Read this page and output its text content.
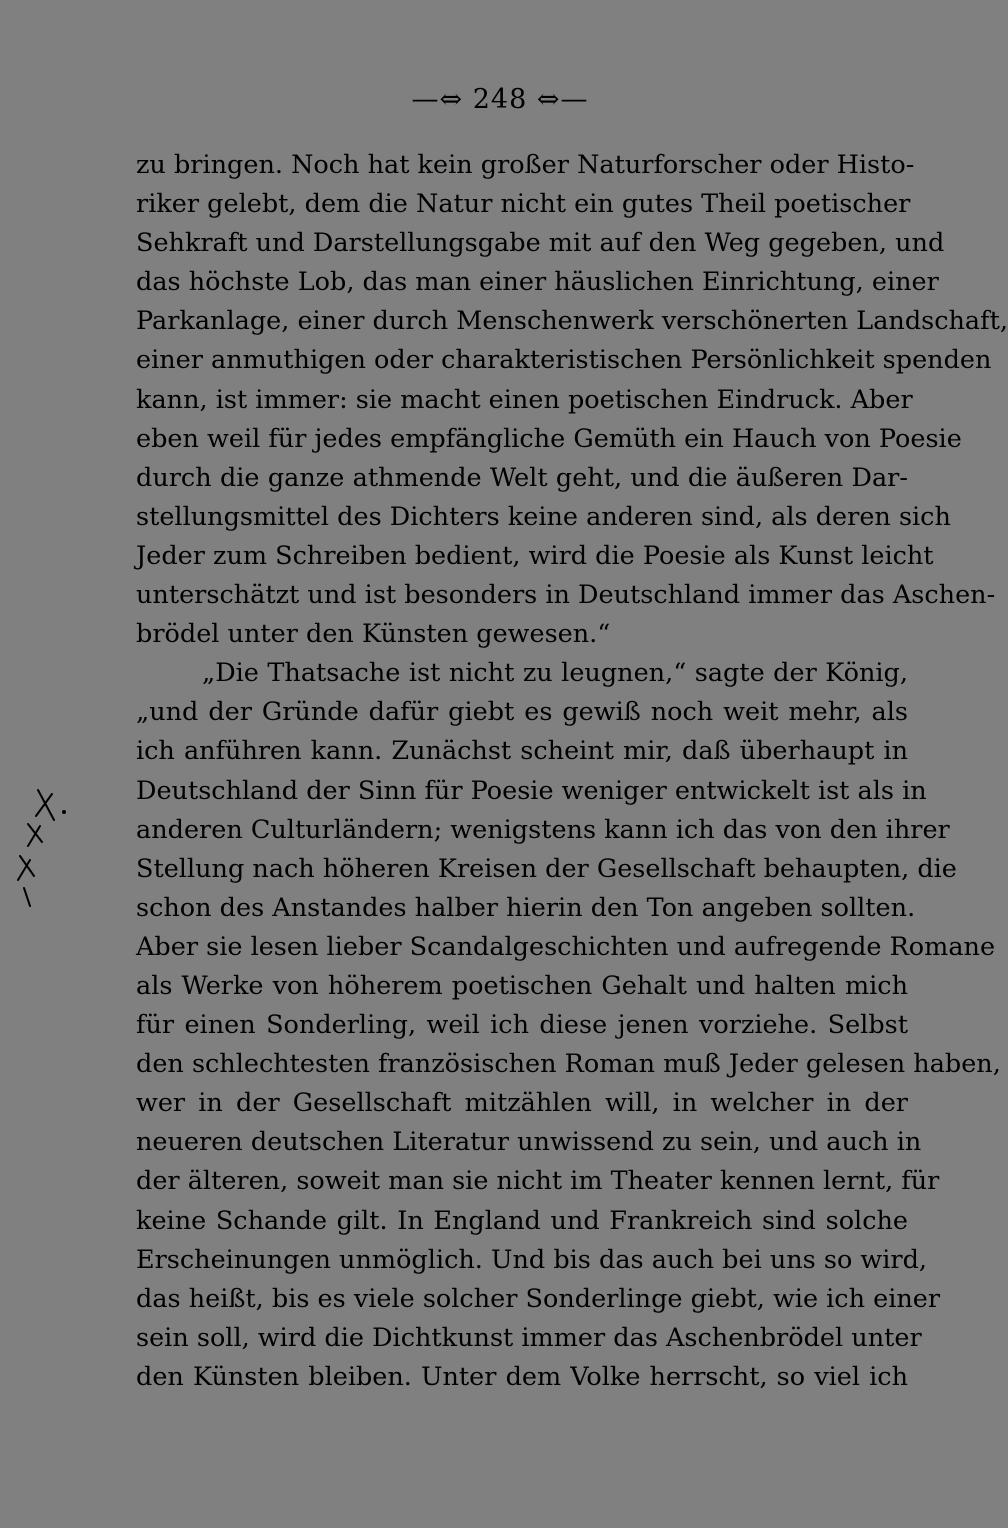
—⇔ 248 ⇔—
zu bringen. Noch hat kein großer Naturforscher oder Histo-
riker gelebt, dem die Natur nicht ein gutes Theil poetischer
Sehkraft und Darstellungsgabe mit auf den Weg gegeben, und
das höchste Lob, das man einer häuslichen Einrichtung, einer
Parkanlage, einer durch Menschenwerk verschönerten Landschaft,
einer anmuthigen oder charakteristischen Persönlichkeit spenden
kann, ist immer: sie macht einen poetischen Eindruck. Aber
eben weil für jedes empfängliche Gemüth ein Hauch von Poesie
durch die ganze athmende Welt geht, und die äußeren Dar-
stellungsmittel des Dichters keine anderen sind, als deren sich
Jeder zum Schreiben bedient, wird die Poesie als Kunst leicht
unterschätzt und ist besonders in Deutschland immer das Aschen-
brödel unter den Künsten gewesen.“
„Die Thatsache ist nicht zu leugnen,“ sagte der König,
„und der Gründe dafür giebt es gewiß noch weit mehr, als
ich anführen kann. Zunächst scheint mir, daß überhaupt in
Deutschland der Sinn für Poesie weniger entwickelt ist als in
anderen Culturländern; wenigstens kann ich das von den ihrer
Stellung nach höheren Kreisen der Gesellschaft behaupten, die
schon des Anstandes halber hierin den Ton angeben sollten.
Aber sie lesen lieber Scandalgeschichten und aufregende Romane
als Werke von höherem poetischen Gehalt und halten mich
für einen Sonderling, weil ich diese jenen vorziehe. Selbst
den schlechtesten französischen Roman muß Jeder gelesen haben,
wer in der Gesellschaft mitzählen will, in welcher in der
neueren deutschen Literatur unwissend zu sein, und auch in
der älteren, soweit man sie nicht im Theater kennen lernt, für
keine Schande gilt. In England und Frankreich sind solche
Erscheinungen unmöglich. Und bis das auch bei uns so wird,
das heißt, bis es viele solcher Sonderlinge giebt, wie ich einer
sein soll, wird die Dichtkunst immer das Aschenbrödel unter
den Künsten bleiben. Unter dem Volke herrscht, so viel ich
